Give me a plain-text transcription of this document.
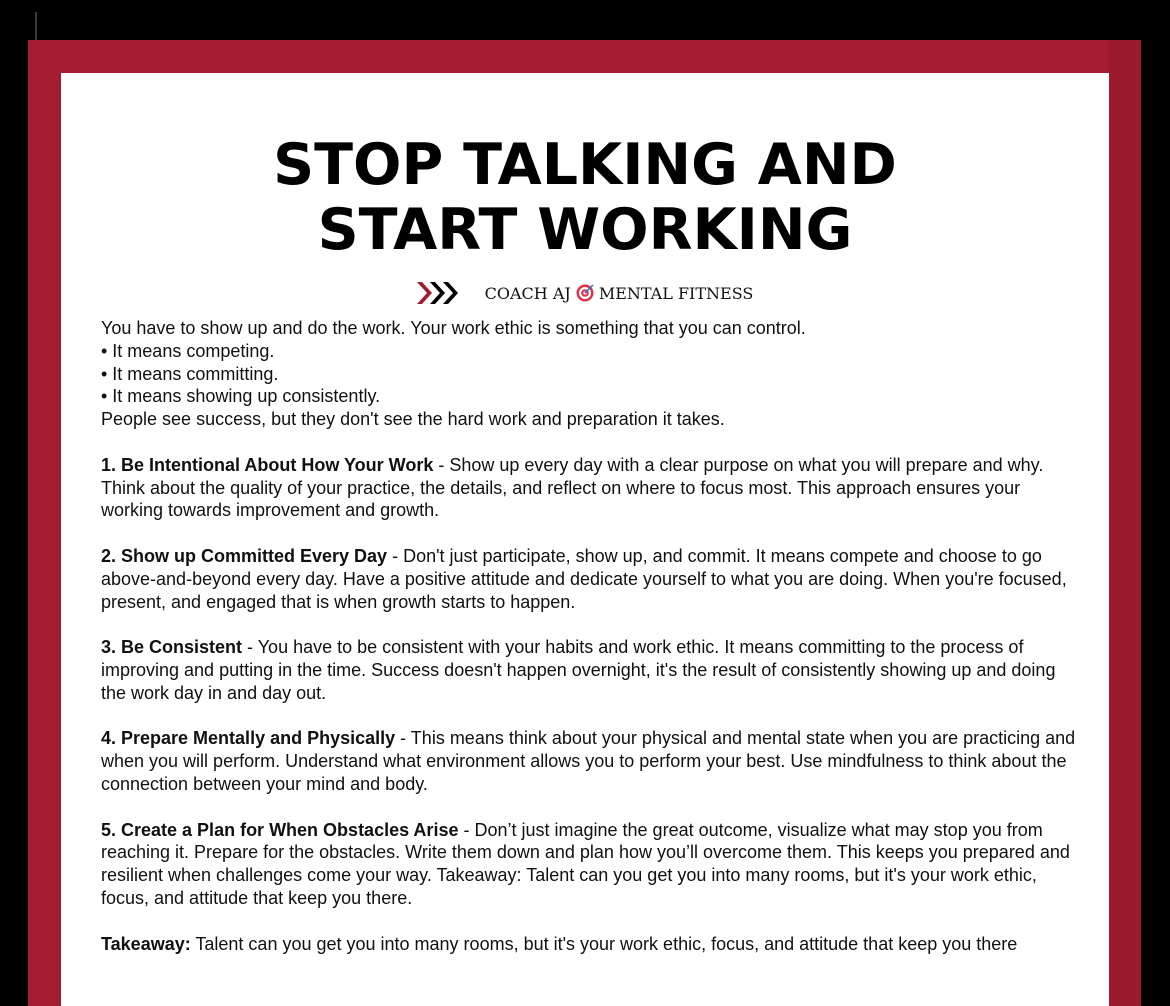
STOP TALKING AND
START WORKING
COACH AJ MENTAL FITNESS

You have to show up and do the work. Your work ethic is something that you can control.

• It means competing.

• It means committing.

• It means showing up consistently.

People see success, but they don't see the hard work and preparation it takes.

1. Be Intentional About How Your Work - Show up every day with a clear purpose on what you will prepare and why. Think about the quality of your practice, the details, and reflect on where to focus most. This approach ensures your working towards improvement and growth.

2. Show up Committed Every Day - Don't just participate, show up, and commit. It means compete and choose to go above-and-beyond every day. Have a positive attitude and dedicate yourself to what you are doing. When you're focused, present, and engaged that is when growth starts to happen.

3. Be Consistent - You have to be consistent with your habits and work ethic. It means committing to the process of improving and putting in the time. Success doesn't happen overnight, it's the result of consistently showing up and doing the work day in and day out.

4. Prepare Mentally and Physically - This means think about your physical and mental state when you are practicing and when you will perform. Understand what environment allows you to perform your best. Use mindfulness to think about the connection between your mind and body.

5. Create a Plan for When Obstacles Arise - Don’t just imagine the great outcome, visualize what may stop you from reaching it. Prepare for the obstacles. Write them down and plan how you’ll overcome them. This keeps you prepared and resilient when challenges come your way. Takeaway: Talent can you get you into many rooms, but it's your work ethic, focus, and attitude that keep you there.

Takeaway: Talent can you get you into many rooms, but it's your work ethic, focus, and attitude that keep you there
